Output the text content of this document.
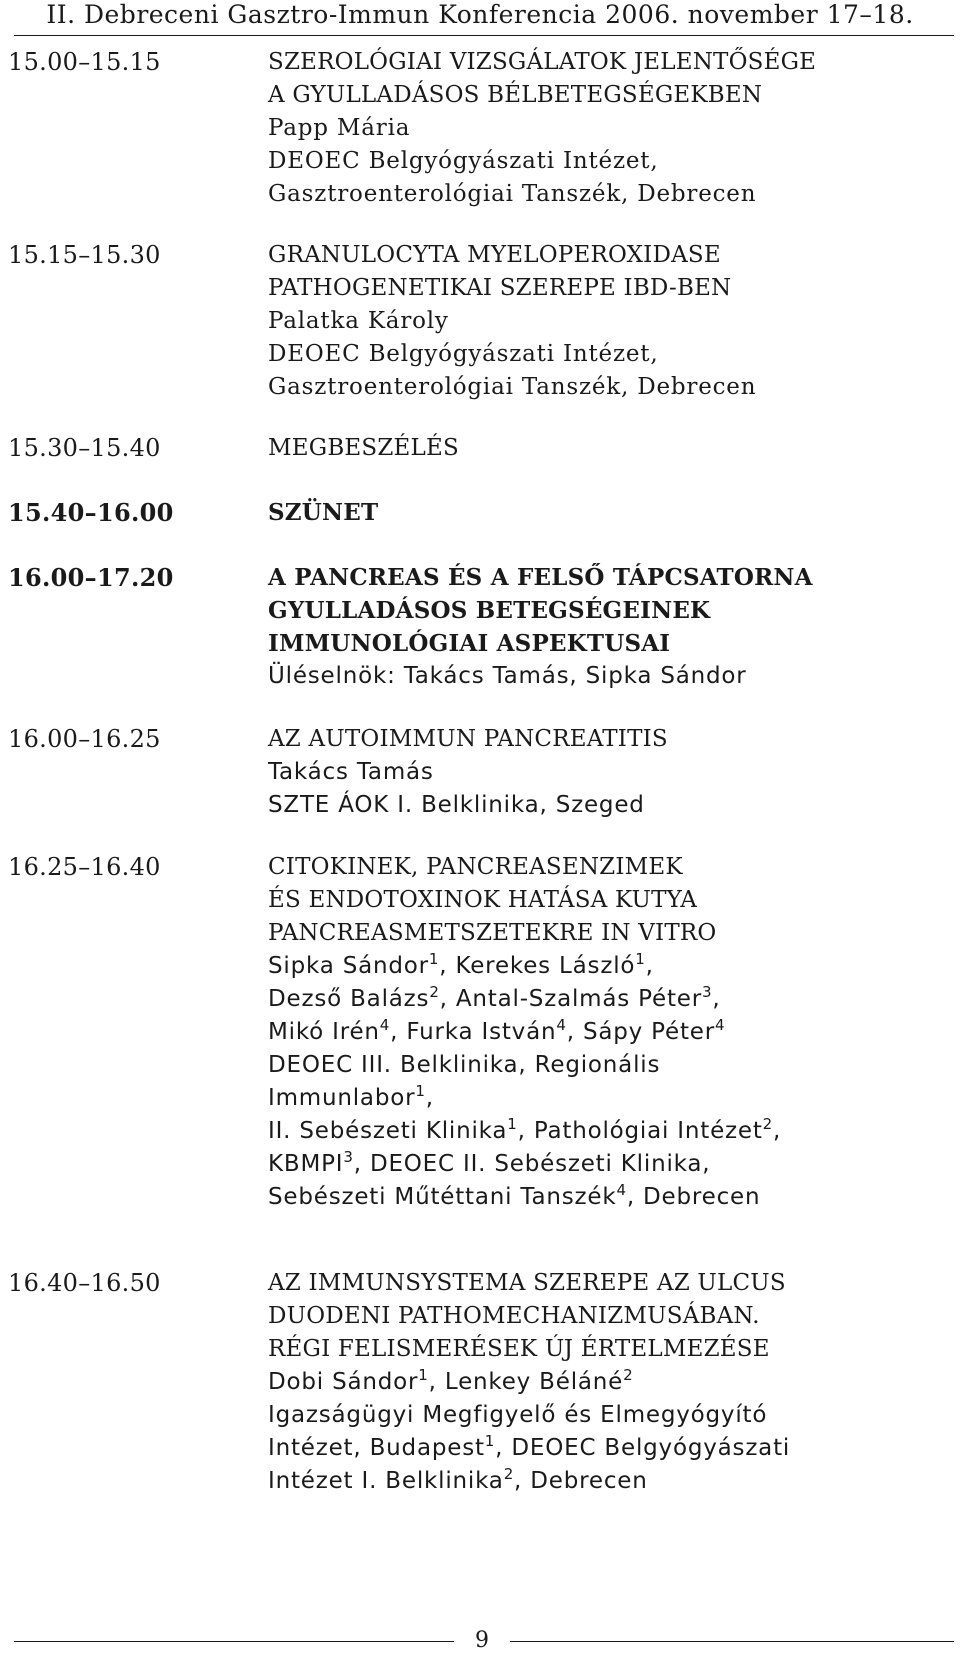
II. Debreceni Gasztro-Immun Konferencia 2006. november 17–18.
15.00–15.15	SZEROLÓGIAI VIZSGÁLATOK JELENTŐSÉGE
A GYULLADÁSOS BÉLBETEGSÉGEKBEN
Papp Mária
DEOEC Belgyógyászati Intézet,
Gasztroenterológiai Tanszék, Debrecen
15.15–15.30	GRANULOCYTA MYELOPEROXIDASE
PATHOGENETIKAI SZEREPE IBD-BEN
Palatka Károly
DEOEC Belgyógyászati Intézet,
Gasztroenterológiai Tanszék, Debrecen
15.30–15.40	MEGBESZÉLÉS
15.40–16.00	SZÜNET
16.00–17.20	A PANCREAS ÉS A FELSŐ TÁPCSATORNA
GYULLADÁSOS BETEGSÉGEINEK
IMMUNOLÓGIAI ASPEKTUSAI
Üléselnök: Takács Tamás, Sipka Sándor
16.00–16.25	AZ AUTOIMMUN PANCREATITIS
Takács Tamás
SZTE ÁOK I. Belklinika, Szeged
16.25–16.40	CITOKINEK, PANCREASENZIMEK
ÉS ENDOTOXINOK HATÁSA KUTYA
PANCREASMETSZETEKRE IN VITRO
Sipka Sándor$^1$, Kerekes László$^1$,
Dezső Balázs$^2$, Antal-Szalmás Péter$^3$,
Mikó Irén$^4$, Furka István$^4$, Sápy Péter$^4$
DEOEC III. Belklinika, Regionális
Immunlabor$^1$,
II. Sebészeti Klinika$^1$, Pathológiai Intézet$^2$,
KBMPI$^3$, DEOEC II. Sebészeti Klinika,
Sebészeti Műtéttani Tanszék$^4$, Debrecen
16.40–16.50	AZ IMMUNSYSTEMA SZEREPE AZ ULCUS
DUODENI PATHOMECHANIZMUSÁBAN.
RÉGI FELISMERÉSEK ÚJ ÉRTELMEZÉSE
Dobi Sándor$^1$, Lenkey Béláné$^2$
Igazságügyi Megfigyelő és Elmegyógyító
Intézet, Budapest$^1$, DEOEC Belgyógyászati
Intézet I. Belklinika$^2$, Debrecen
9
